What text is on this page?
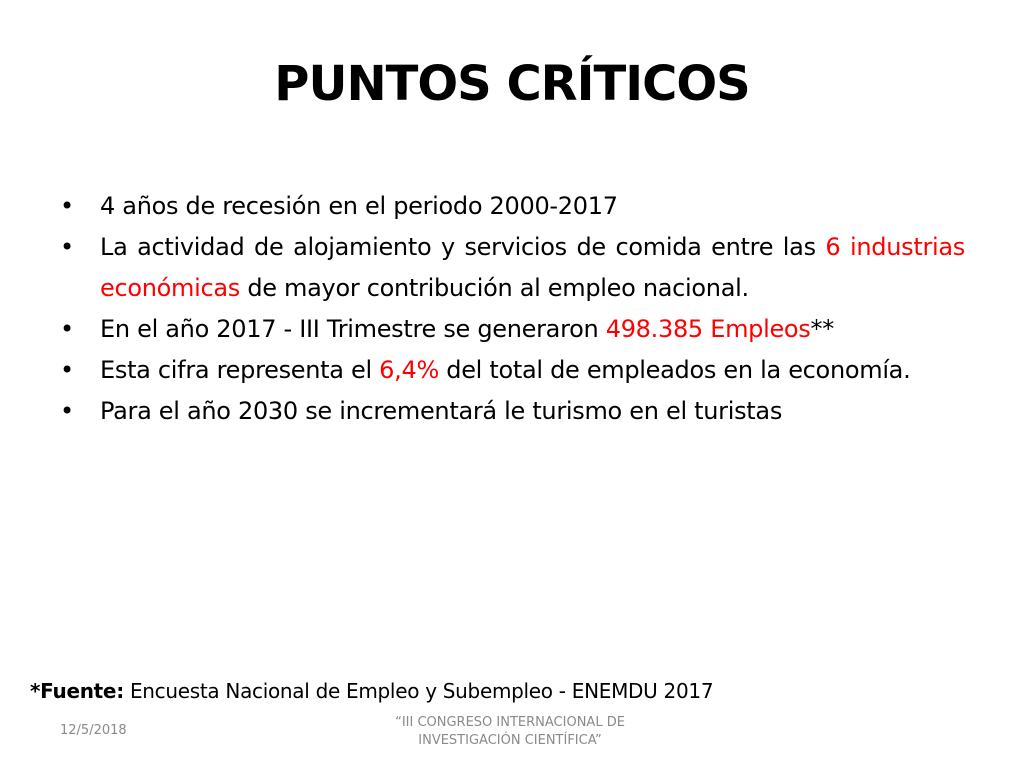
PUNTOS CRÍTICOS
• 4 años de recesión en el periodo 2000-2017
• La actividad de alojamiento y servicios de comida entre las 6 industrias económicas de mayor contribución al empleo nacional.
• En el año 2017 - III Trimestre se generaron 498.385 Empleos**
• Esta cifra representa el 6,4% del total de empleados en la economía.
• Para el año 2030 se incrementará le turismo en el turistas
*Fuente: Encuesta Nacional de Empleo y Subempleo - ENEMDU 2017
12/5/2018
“III CONGRESO INTERNACIONAL DE
INVESTIGACIÓN CIENTÍFICA”
